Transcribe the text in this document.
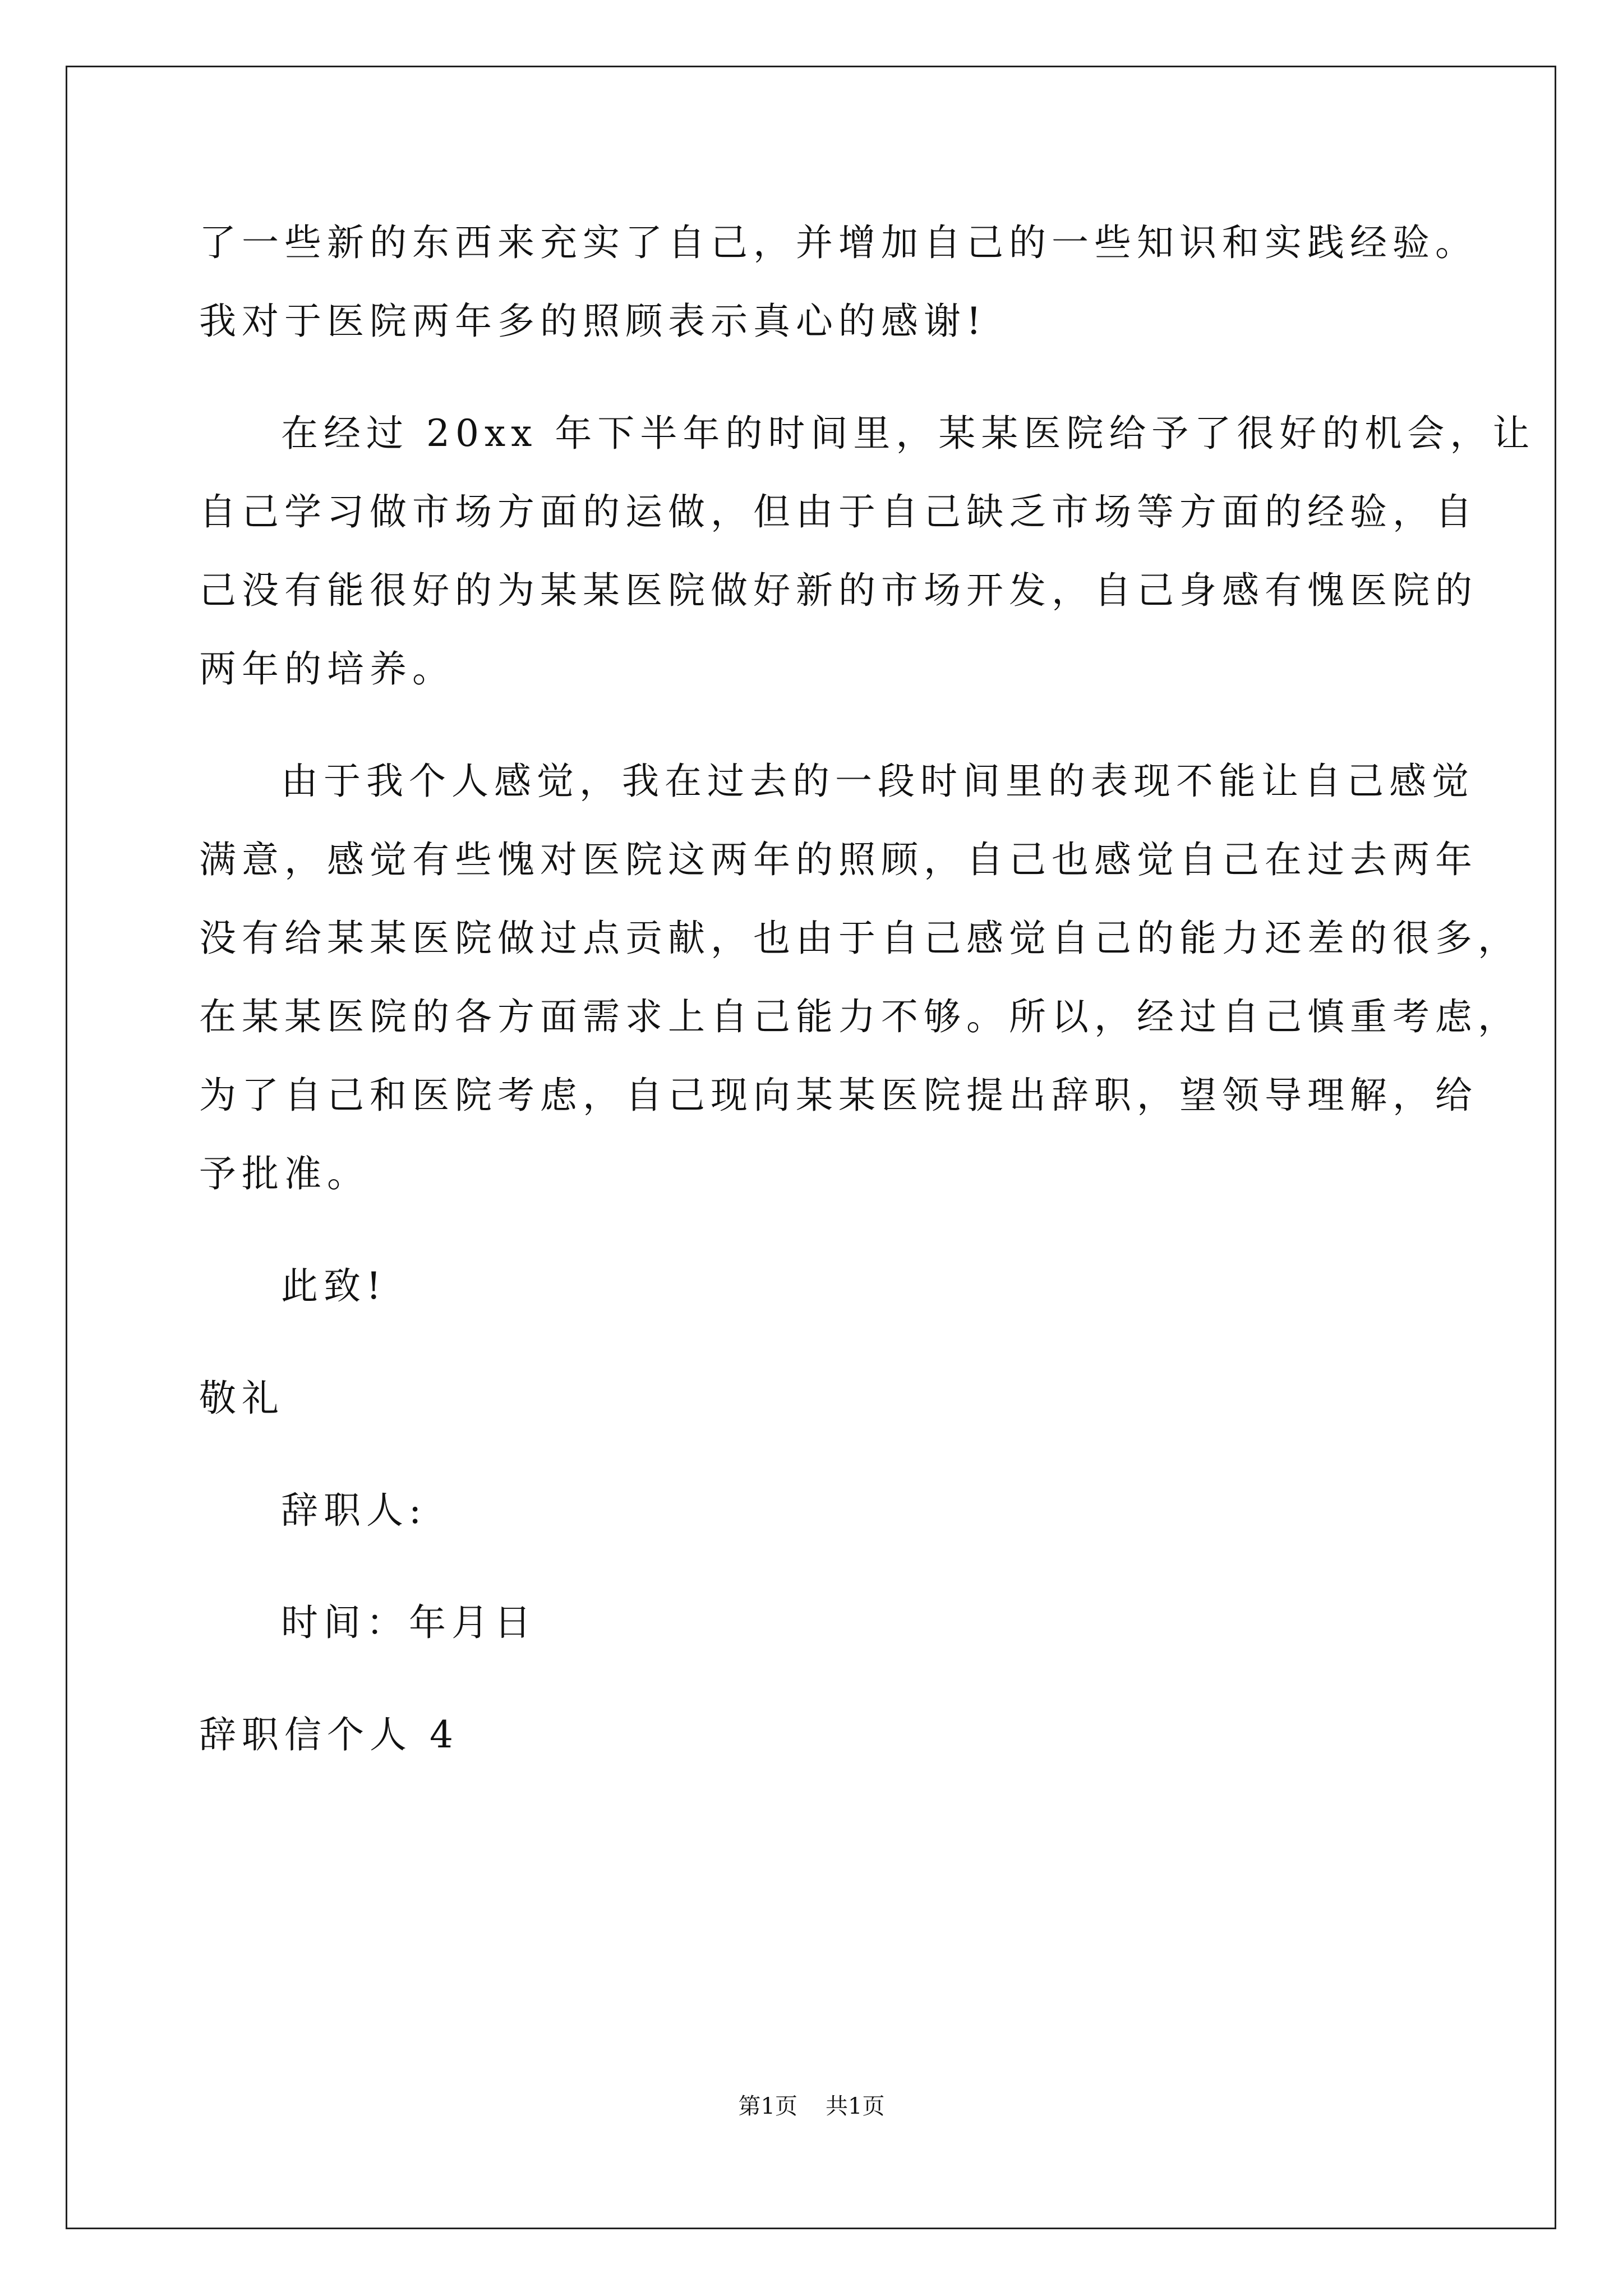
了一些新的东西来充实了自己，并增加自己的一些知识和实践经验。
我对于医院两年多的照顾表示真心的感谢!
在经过 20xx 年下半年的时间里，某某医院给予了很好的机会，让
自己学习做市场方面的运做，但由于自己缺乏市场等方面的经验，自
己没有能很好的为某某医院做好新的市场开发，自己身感有愧医院的
两年的培养。
由于我个人感觉，我在过去的一段时间里的表现不能让自己感觉
满意，感觉有些愧对医院这两年的照顾，自己也感觉自己在过去两年
没有给某某医院做过点贡献，也由于自己感觉自己的能力还差的很多，
在某某医院的各方面需求上自己能力不够。所以，经过自己慎重考虑，
为了自己和医院考虑，自己现向某某医院提出辞职，望领导理解，给
予批准。
此致!
敬礼
辞职人:
时间：年月日
辞职信个人 4
第1页 共1页
